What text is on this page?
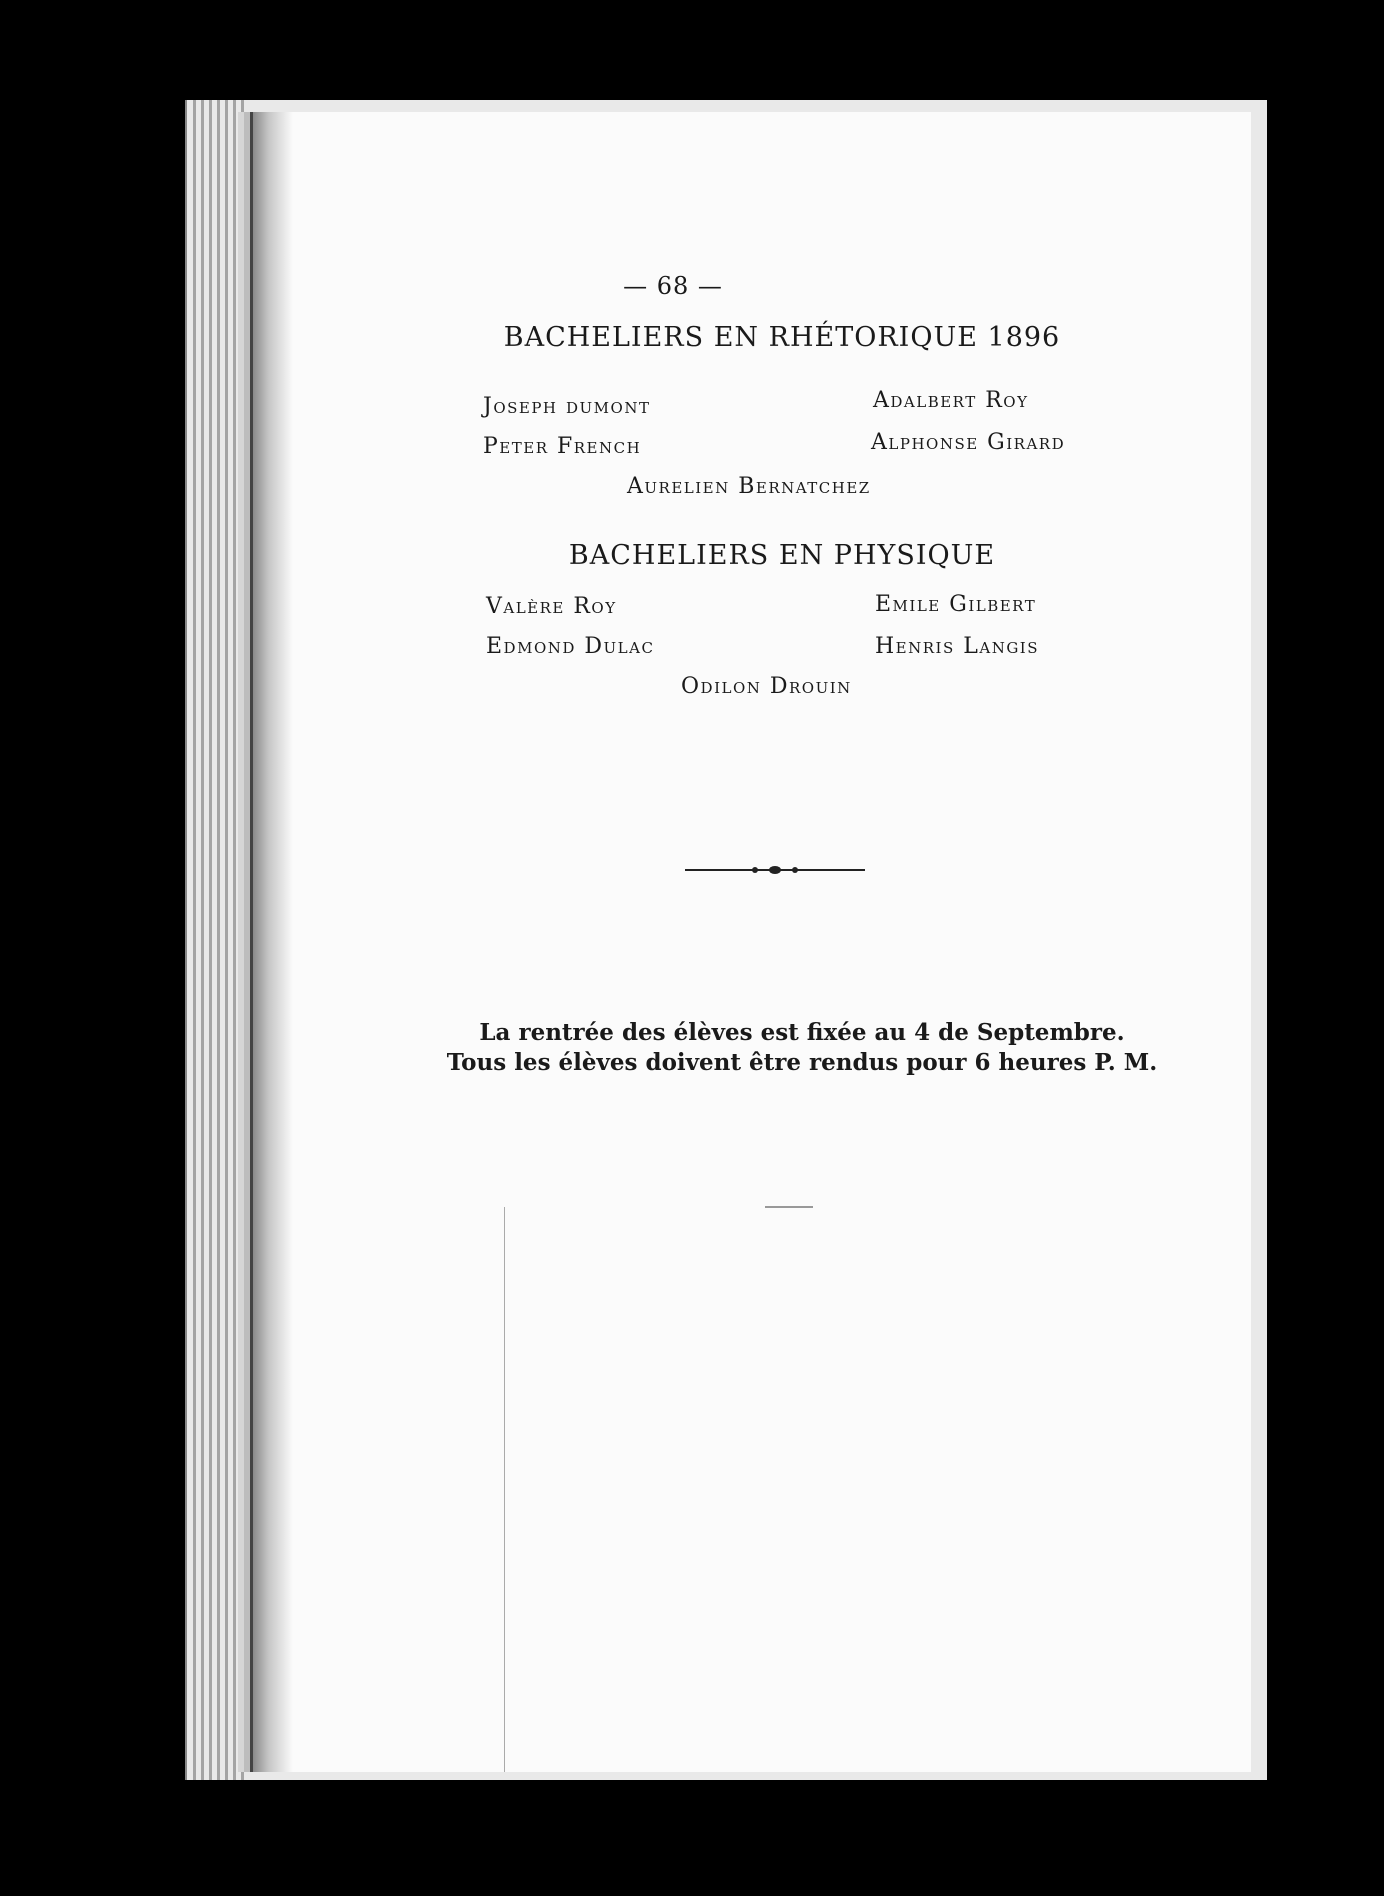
— 68 —
BACHELIERS EN RHÉTORIQUE 1896
Joseph dumont	Adalbert Roy
Peter French	Alphonse Girard
Aurelien Bernatchez
BACHELIERS EN PHYSIQUE
Valère Roy	Emile Gilbert
Edmond Dulac	Henris Langis
Odilon Drouin
La rentrée des élèves est fixée au 4 de Septembre.
Tous les élèves doivent être rendus pour 6 heures P. M.
